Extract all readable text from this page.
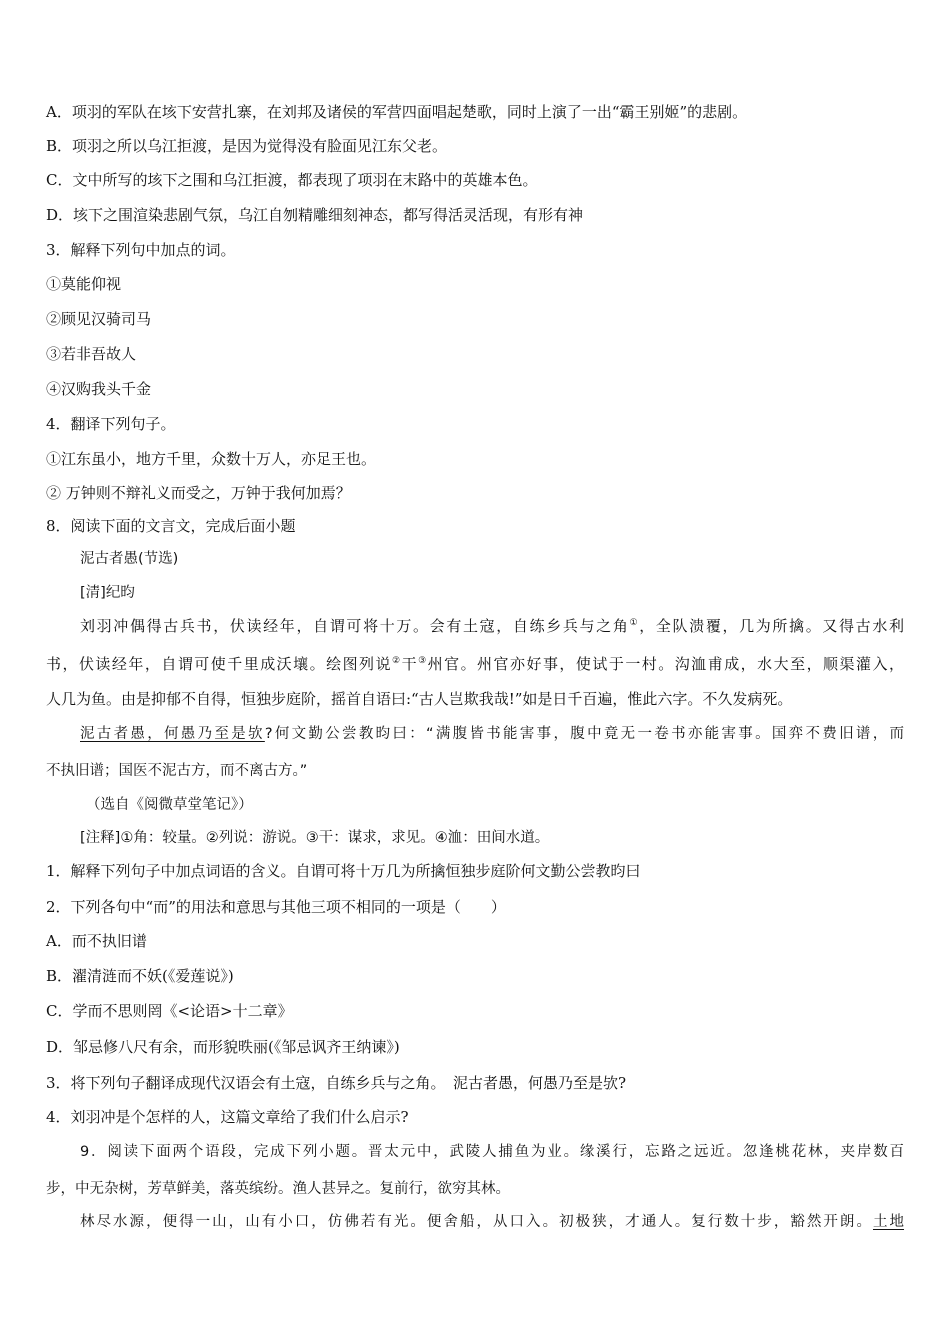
A．项羽的军队在垓下安营扎寨，在刘邦及诸侯的军营四面唱起楚歌，同时上演了一出“霸王别姬”的悲剧。
B．项羽之所以乌江拒渡，是因为觉得没有脸面见江东父老。
C．文中所写的垓下之围和乌江拒渡，都表现了项羽在末路中的英雄本色。
D．垓下之围渲染悲剧气氛，乌江自刎精雕细刻神态，都写得活灵活现，有形有神
3．解释下列句中加点的词。
①莫能仰视
②顾见汉骑司马
③若非吾故人
④汉购我头千金
4．翻译下列句子。
①江东虽小，地方千里，众数十万人，亦足王也。
② 万钟则不辩礼义而受之，万钟于我何加焉？
8．阅读下面的文言文，完成后面小题
泥古者愚(节选)
[清]纪昀
刘羽冲偶得古兵书，伏读经年，自谓可将十万。会有土寇，自练乡兵与之角①，全队溃覆，几为所擒。又得古水利
书，伏读经年，自谓可使千里成沃壤。绘图列说②干③州官。州官亦好事，使试于一村。沟洫甫成，水大至，顺渠灌入，
人几为鱼。由是抑郁不自得，恒独步庭阶，摇首自语曰:“古人岂欺我哉!”如是日千百遍，惟此六字。不久发病死。
泥古者愚，何愚乃至是欤?何文勤公尝教昀曰：“满腹皆书能害事，腹中竟无一卷书亦能害事。国弈不费旧谱，而
不执旧谱；国医不泥古方，而不离古方。”
（选自《阅微草堂笔记》）
[注释]①角：较量。②列说：游说。③干：谋求，求见。④洫：田间水道。
1．解释下列句子中加点词语的含义。自谓可将十万几为所擒恒独步庭阶何文勤公尝教昀曰
2．下列各句中“而”的用法和意思与其他三项不相同的一项是（　　）
A．而不执旧谱
B．濯清涟而不妖(《爱莲说》)
C．学而不思则罔《<论语>十二章》
D．邹忌修八尺有余，而形貌昳丽(《邹忌讽齐王纳谏》)
3．将下列句子翻译成现代汉语会有土寇，自练乡兵与之角。　泥古者愚，何愚乃至是欤?
4．刘羽冲是个怎样的人，这篇文章给了我们什么启示?
9．阅读下面两个语段，完成下列小题。晋太元中，武陵人捕鱼为业。缘溪行，忘路之远近。忽逢桃花林，夹岸数百
步，中无杂树，芳草鲜美，落英缤纷。渔人甚异之。复前行，欲穷其林。
林尽水源，便得一山，山有小口，仿佛若有光。便舍船，从口入。初极狭，才通人。复行数十步，豁然开朗。土地
